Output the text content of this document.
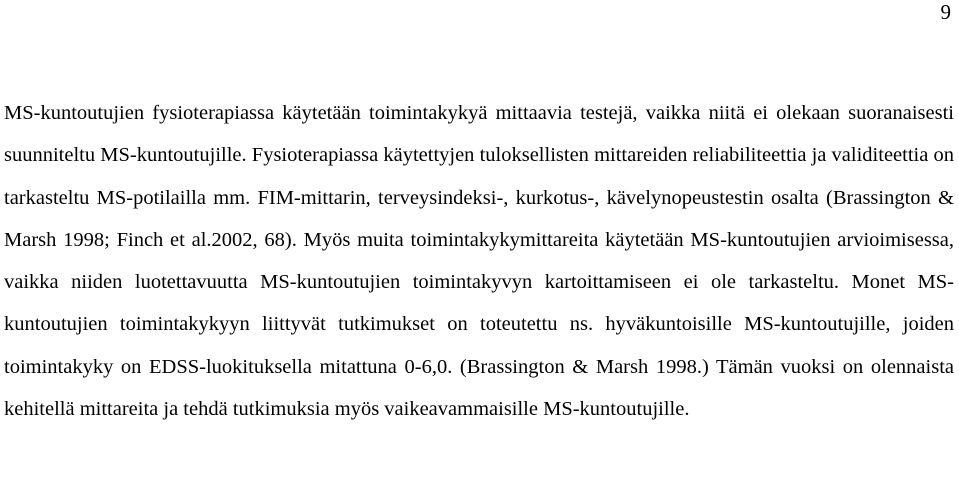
9

MS-kuntoutujien fysioterapiassa käytetään toimintakykyä mittaavia testejä, vaikka niitä ei olekaan suoranaisesti suunniteltu MS-kuntoutujille. Fysioterapiassa käytettyjen tuloksellisten mittareiden reliabiliteettia ja validiteettia on tarkasteltu MS-potilailla mm. FIM-mittarin, terveysindeksi-, kurkotus-, kävelynopeustestin osalta (Brassington & Marsh 1998; Finch et al.2002, 68). Myös muita toimintakykymittareita käytetään MS-kuntoutujien arvioimisessa, vaikka niiden luotettavuutta MS-kuntoutujien toimintakyvyn kartoittamiseen ei ole tarkasteltu. Monet MS-kuntoutujien toimintakykyyn liittyvät tutkimukset on toteutettu ns. hyväkuntoisille MS-kuntoutujille, joiden toimintakyky on EDSS-luokituksella mitattuna 0-6,0. (Brassington & Marsh 1998.) Tämän vuoksi on olennaista kehitellä mittareita ja tehdä tutkimuksia myös vaikeavammaisille MS-kuntoutujille.
